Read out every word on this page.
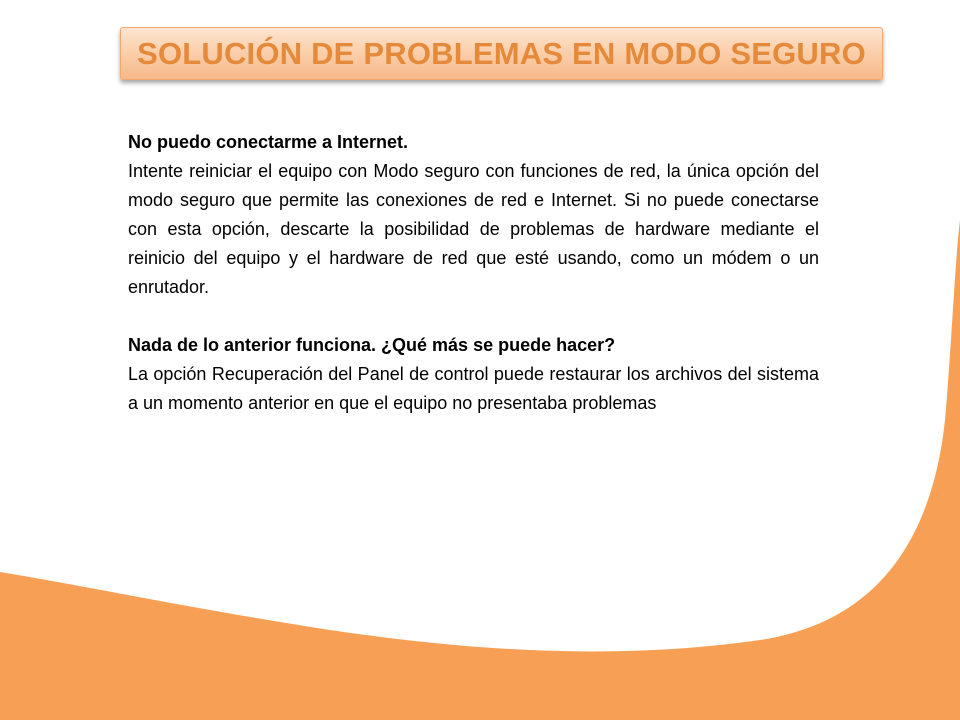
SOLUCIÓN DE PROBLEMAS EN MODO SEGURO

No puedo conectarme a Internet.

Intente reiniciar el equipo con Modo seguro con funciones de red, la única opción del modo seguro que permite las conexiones de red e Internet. Si no puede conectarse con esta opción, descarte la posibilidad de problemas de hardware mediante el reinicio del equipo y el hardware de red que esté usando, como un módem o un enrutador.

Nada de lo anterior funciona. ¿Qué más se puede hacer?

La opción Recuperación del Panel de control puede restaurar los archivos del sistema a un momento anterior en que el equipo no presentaba problemas
